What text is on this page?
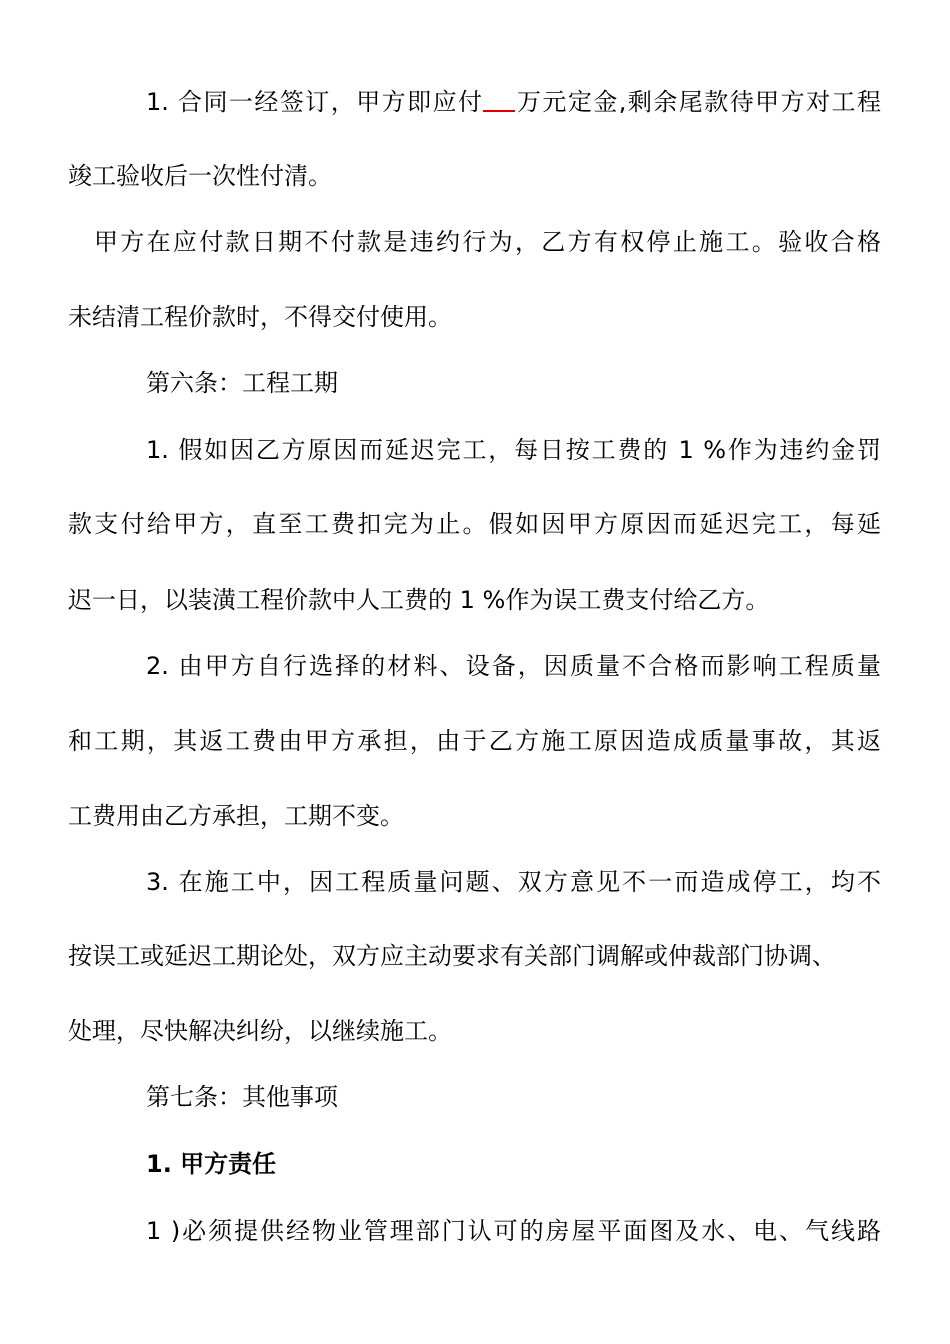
1. 合同一经签订，甲方即应付 万元定金,剩余尾款待甲方对工程

竣工验收后一次性付清。

甲方在应付款日期不付款是违约行为，乙方有权停止施工。验收合格

未结清工程价款时，不得交付使用。

第六条：工程工期

1. 假如因乙方原因而延迟完工，每日按工费的 1 %作为违约金罚

款支付给甲方，直至工费扣完为止。假如因甲方原因而延迟完工，每延

迟一日，以装潢工程价款中人工费的 1 %作为误工费支付给乙方。

2. 由甲方自行选择的材料、设备，因质量不合格而影响工程质量

和工期，其返工费由甲方承担，由于乙方施工原因造成质量事故，其返

工费用由乙方承担，工期不变。

3. 在施工中，因工程质量问题、双方意见不一而造成停工，均不

按误工或延迟工期论处，双方应主动要求有关部门调解或仲裁部门协调、

处理，尽快解决纠纷，以继续施工。

第七条：其他事项

1. 甲方责任

1 )必须提供经物业管理部门认可的房屋平面图及水、电、气线路
